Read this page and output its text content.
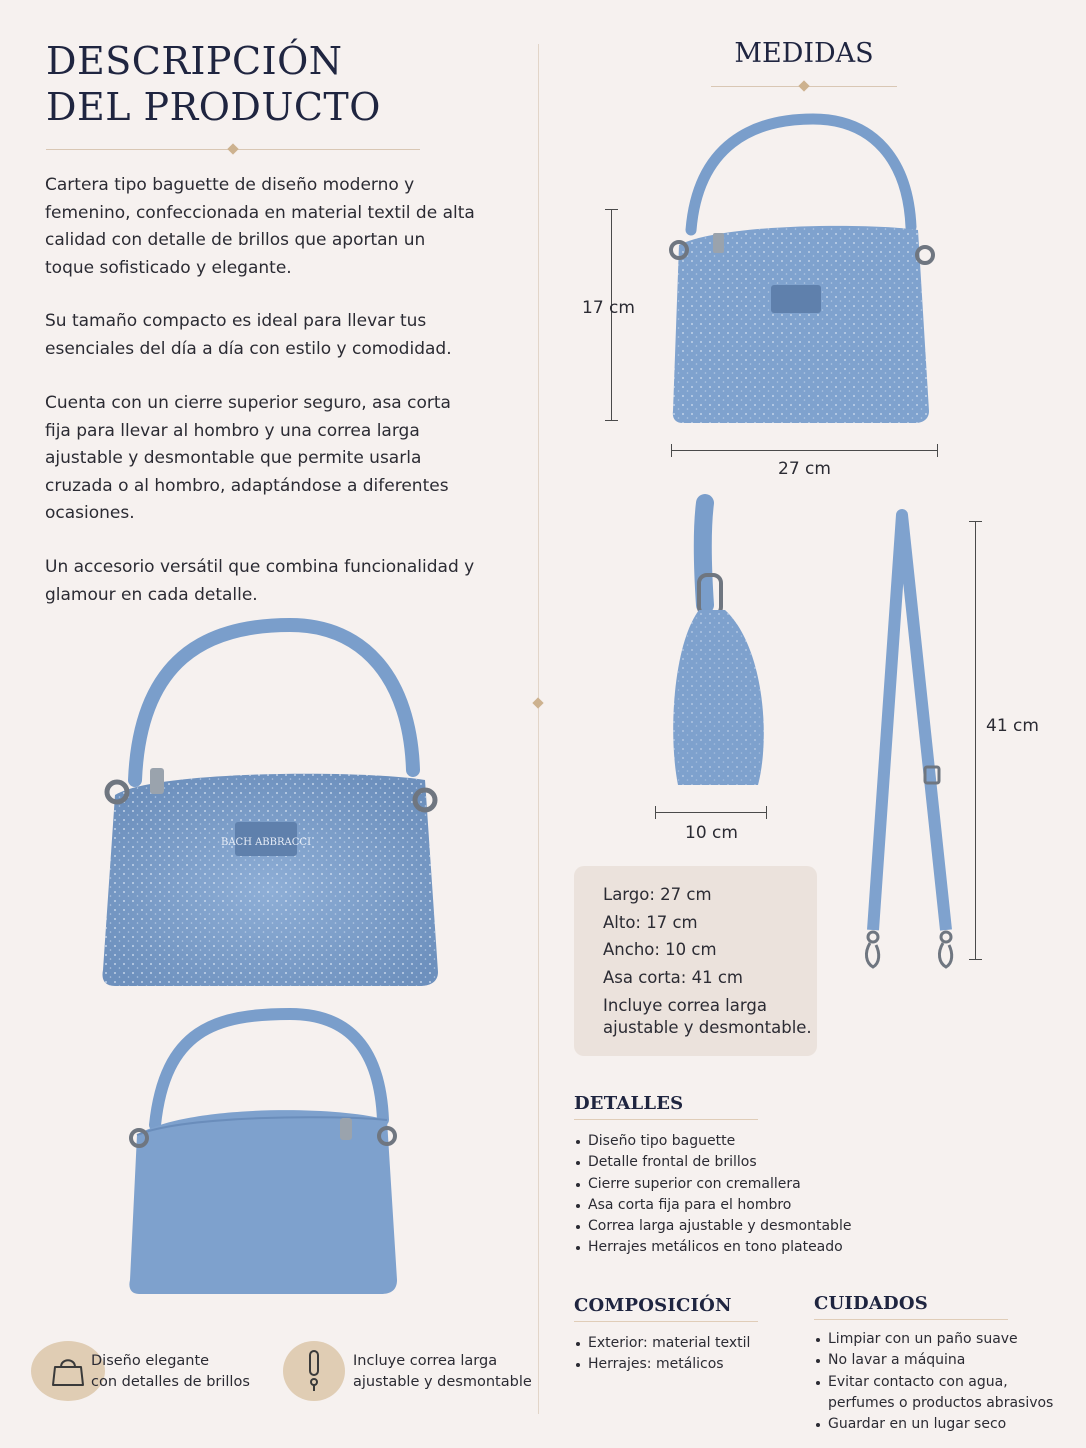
DESCRIPCIÓN
DEL PRODUCTO

Cartera tipo baguette de diseño moderno y femenino, confeccionada en material textil de alta calidad con detalle de brillos que aportan un toque sofisticado y elegante.

Su tamaño compacto es ideal para llevar tus esenciales del día a día con estilo y comodidad.

Cuenta con un cierre superior seguro, asa corta fija para llevar al hombro y una correa larga ajustable y desmontable que permite usarla cruzada o al hombro, adaptándose a diferentes ocasiones.

Un accesorio versátil que combina funcionalidad y glamour en cada detalle.

BACH ABBRACCI
Diseño elegante
con detalles de brillos
Incluye correa larga
ajustable y desmontable
MEDIDAS
17 cm
27 cm
10 cm
41 cm
Largo: 27 cm
Alto: 17 cm
Ancho: 10 cm
Asa corta: 41 cm
Incluye correa larga
ajustable y desmontable.
DETALLES
Diseño tipo baguette
Detalle frontal de brillos
Cierre superior con cremallera
Asa corta fija para el hombro
Correa larga ajustable y desmontable
Herrajes metálicos en tono plateado
COMPOSICIÓN
Exterior: material textil
Herrajes: metálicos
CUIDADOS
Limpiar con un paño suave
No lavar a máquina
Evitar contacto con agua, perfumes o productos abrasivos
Guardar en un lugar seco
